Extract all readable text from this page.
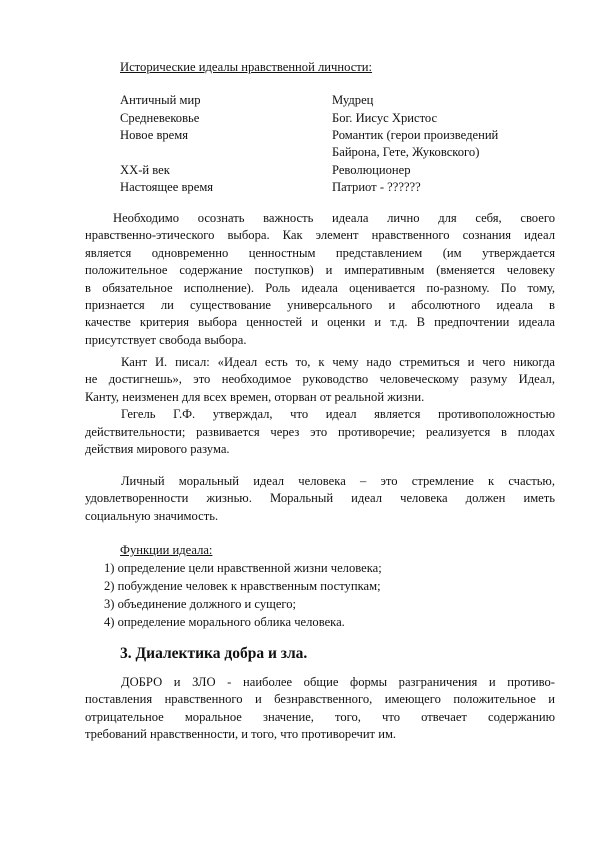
Исторические идеалы нравственной личности:
Античный мир	Мудрец
Средневековье	Бог. Иисус Христос
Новое время	Романтик (герои произведений
Байрона, Гете, Жуковского)
XX-й век	Революционер
Настоящее время	Патриот - ??????
Необходимо осознать важность идеала лично для себя, своего
нравственно-этического выбора. Как элемент нравственного сознания идеал
является одновременно ценностным представлением (им утверждается
положительное содержание поступков) и императивным (вменяется человеку
в обязательное исполнение). Роль идеала оценивается по-разному. По тому,
признается ли существование универсального и абсолютного идеала в
качестве критерия выбора ценностей и оценки и т.д. В предпочтении идеала
присутствует свобода выбора.
Кант И. писал: «Идеал есть то, к чему надо стремиться и чего никогда
не достигнешь», это необходимое руководство человеческому разуму Идеал,
Канту, неизменен для всех времен, оторван от реальной жизни.
Гегель Г.Ф. утверждал, что идеал является противоположностью
действительности; развивается через это противоречие; реализуется в плодах
действия мирового разума.
Личный моральный идеал человека – это стремление к счастью,
удовлетворенности жизнью. Моральный идеал человека должен иметь
социальную значимость.
Функции идеала:
1) определение цели нравственной жизни человека;
2) побуждение человек к нравственным поступкам;
3) объединение должного и сущего;
4) определение морального облика человека.
3. Диалектика добра и зла.
ДОБРО и ЗЛО - наиболее общие формы разграничения и противо-
поставления нравственного и безнравственного, имеющего положительное и
отрицательное моральное значение, того, что отвечает содержанию
требований нравственности, и того, что противоречит им.
